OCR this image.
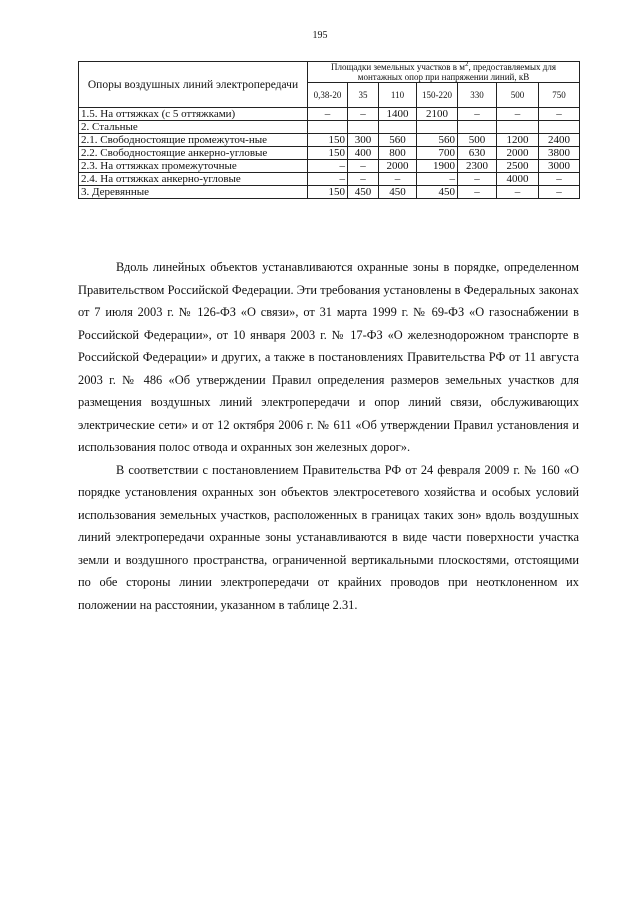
195
Опоры воздушных линий электропередачи	Площадки земельных участков в $м^2$, предоставляемых для монтажных опор при напряжении линий, кВ						
	0,38-20	35	110	150-220	330	500	750
1.5. На оттяжках (с 5 оттяжками)	–	–	1400	2100	–	–	–
2. Стальные							
2.1. Свободностоящие промежуточ-ные	150	300	560	560	500	1200	2400
2.2. Свободностоящие анкерно-угловые	150	400	800	700	630	2000	3800
2.3. На оттяжках промежуточные	–	–	2000	1900	2300	2500	3000
2.4. На оттяжках анкерно-угловые	–	–	–	–	–	4000	–
3. Деревянные	150	450	450	450	–	–	–

Вдоль линейных объектов устанавливаются охранные зоны в порядке, определенном Правительством Российской Федерации. Эти требования установлены в Федеральных законах от 7 июля 2003 г. № 126-ФЗ «О связи», от 31 марта 1999 г. № 69-ФЗ «О газоснабжении в Российской Федерации», от 10 января 2003 г. № 17-ФЗ «О железнодорожном транспорте в Российской Федерации» и других, а также в постановлениях Правительства РФ от 11 августа 2003 г. № 486 «Об утверждении Правил определения размеров земельных участков для размещения воздушных линий электропередачи и опор линий связи, обслуживающих электрические сети» и от 12 октября 2006 г. № 611 «Об утверждении Правил установления и использования полос отвода и охранных зон железных дорог».

В соответствии с постановлением Правительства РФ от 24 февраля 2009 г. № 160 «О порядке установления охранных зон объектов электросетевого хозяйства и особых условий использования земельных участков, расположенных в границах таких зон» вдоль воздушных линий электропередачи охранные зоны устанавливаются в виде части поверхности участка земли и воздушного пространства, ограниченной вертикальными плоскостями, отстоящими по обе стороны линии электропередачи от крайних проводов при неотклоненном их положении на расстоянии, указанном в таблице 2.31.
